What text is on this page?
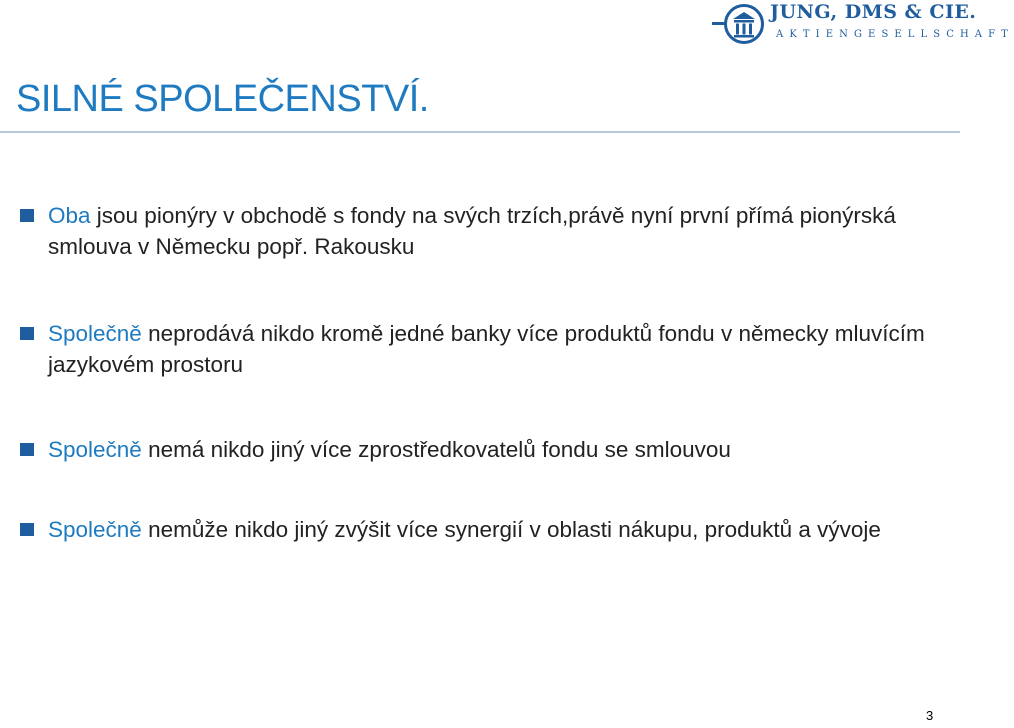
JUNG, DMS & CIE.
AKTIENGESELLSCHAFT
SILNÉ SPOLEČENSTVÍ.
Oba jsou pionýry v obchodě s fondy na svých trzích,právě nyní první přímá pionýrská smlouva v Německu popř. Rakousku
Společně neprodává nikdo kromě jedné banky více produktů fondu v německy mluvícím jazykovém prostoru
Společně nemá nikdo jiný více zprostředkovatelů fondu se smlouvou
Společně nemůže nikdo jiný zvýšit více synergií v oblasti nákupu, produktů a vývoje
3
